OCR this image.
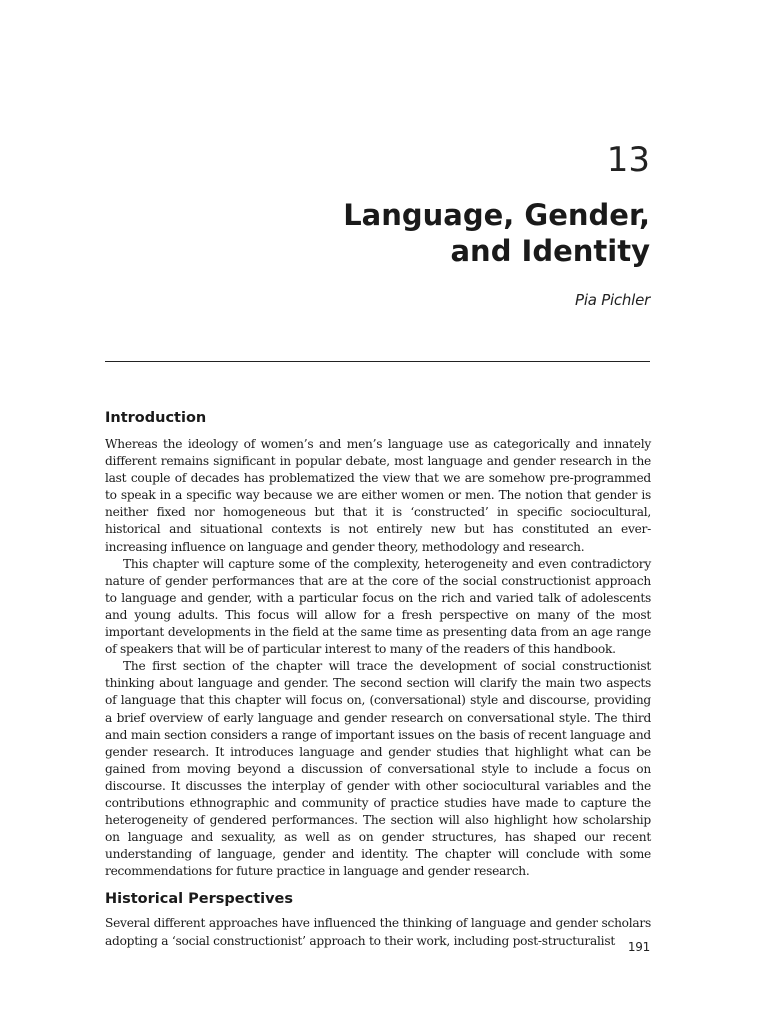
13
Language, Gender,
and Identity

Pia Pichler

Introduction

Whereas the ideology of women’s and men’s language use as categorically and innately different remains significant in popular debate, most language and gender research in the last couple of decades has problematized the view that we are somehow pre-programmed to speak in a specific way because we are either women or men. The notion that gender is neither fixed nor homogeneous but that it is ‘constructed’ in specific sociocultural, historical and situational contexts is not entirely new but has constituted an ever-increasing influence on language and gender theory, methodology and research.

This chapter will capture some of the complexity, heterogeneity and even contradictory nature of gender performances that are at the core of the social constructionist approach to language and gender, with a particular focus on the rich and varied talk of adolescents and young adults. This focus will allow for a fresh perspective on many of the most important developments in the field at the same time as presenting data from an age range of speakers that will be of particular interest to many of the readers of this handbook.

The first section of the chapter will trace the development of social constructionist thinking about language and gender. The second section will clarify the main two aspects of language that this chapter will focus on, (conversational) style and discourse, providing a brief overview of early language and gender research on conversational style. The third and main section considers a range of important issues on the basis of recent language and gender research. It introduces language and gender studies that highlight what can be gained from moving beyond a discussion of conversational style to include a focus on discourse. It discusses the interplay of gender with other sociocultural variables and the contributions ethnographic and community of practice studies have made to capture the heterogeneity of gendered performances. The section will also highlight how scholarship on language and sexuality, as well as on gender structures, has shaped our recent understanding of language, gender and identity. The chapter will conclude with some recommendations for future practice in language and gender research.

Historical Perspectives

Several different approaches have influenced the thinking of language and gender scholars adopting a ‘social constructionist’ approach to their work, including post-structuralist	191
